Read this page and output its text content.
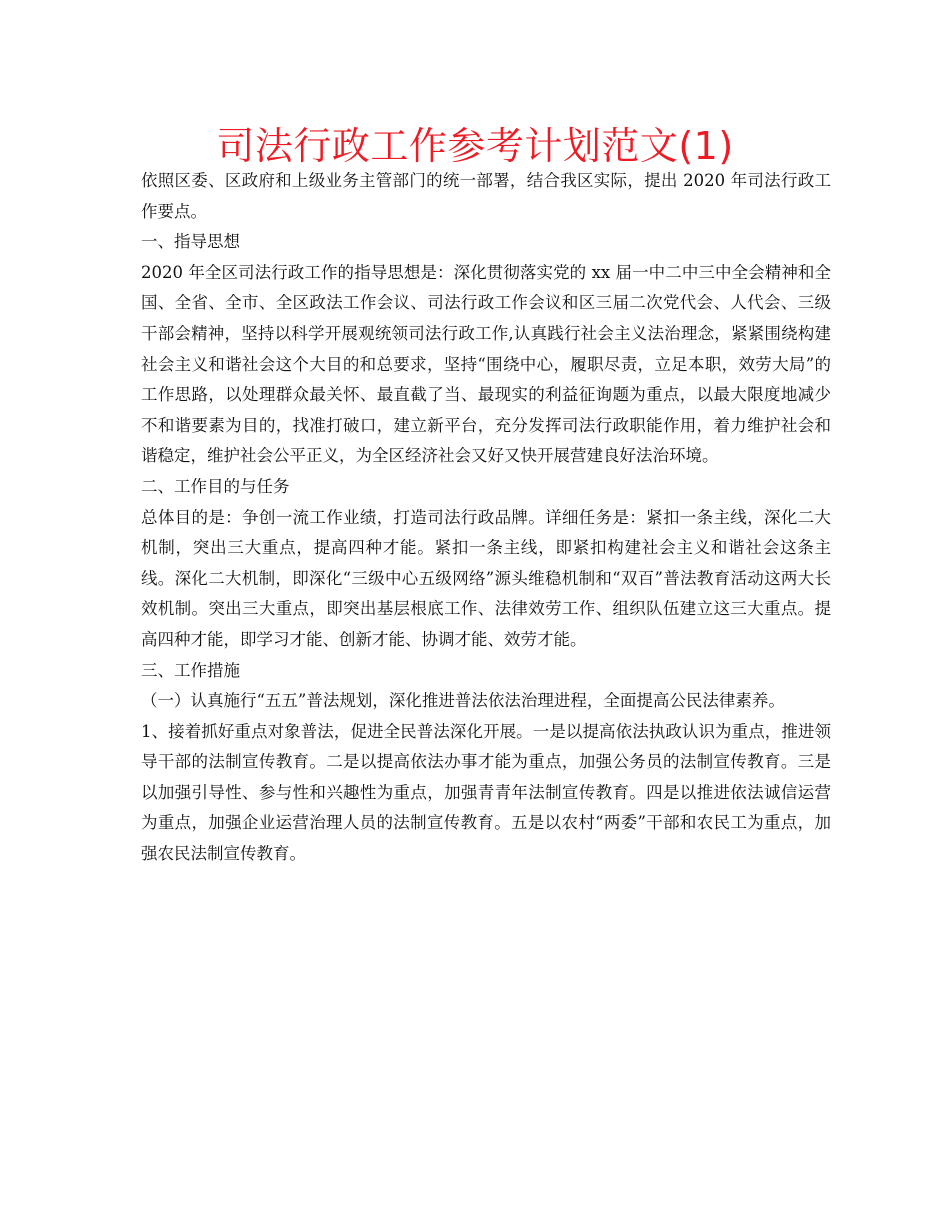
司法行政工作参考计划范文(1)

依照区委、区政府和上级业务主管部门的统一部署，结合我区实际，提出 2020 年司法行政工作要点。

一、指导思想

2020 年全区司法行政工作的指导思想是：深化贯彻落实党的 xx 届一中二中三中全会精神和全国、全省、全市、全区政法工作会议、司法行政工作会议和区三届二次党代会、人代会、三级干部会精神，坚持以科学开展观统领司法行政工作,认真践行社会主义法治理念，紧紧围绕构建社会主义和谐社会这个大目的和总要求，坚持“围绕中心，履职尽责，立足本职，效劳大局”的工作思路，以处理群众最关怀、最直截了当、最现实的利益征询题为重点，以最大限度地减少不和谐要素为目的，找准打破口，建立新平台，充分发挥司法行政职能作用，着力维护社会和谐稳定，维护社会公平正义，为全区经济社会又好又快开展营建良好法治环境。

二、工作目的与任务

总体目的是：争创一流工作业绩，打造司法行政品牌。详细任务是：紧扣一条主线，深化二大机制，突出三大重点，提高四种才能。紧扣一条主线，即紧扣构建社会主义和谐社会这条主线。深化二大机制，即深化“三级中心五级网络”源头维稳机制和“双百”普法教育活动这两大长效机制。突出三大重点，即突出基层根底工作、法律效劳工作、组织队伍建立这三大重点。提高四种才能，即学习才能、创新才能、协调才能、效劳才能。

三、工作措施

（一）认真施行“五五”普法规划，深化推进普法依法治理进程，全面提高公民法律素养。

1、接着抓好重点对象普法，促进全民普法深化开展。一是以提高依法执政认识为重点，推进领导干部的法制宣传教育。二是以提高依法办事才能为重点，加强公务员的法制宣传教育。三是以加强引导性、参与性和兴趣性为重点，加强青青年法制宣传教育。四是以推进依法诚信运营为重点，加强企业运营治理人员的法制宣传教育。五是以农村“两委”干部和农民工为重点，加强农民法制宣传教育。
